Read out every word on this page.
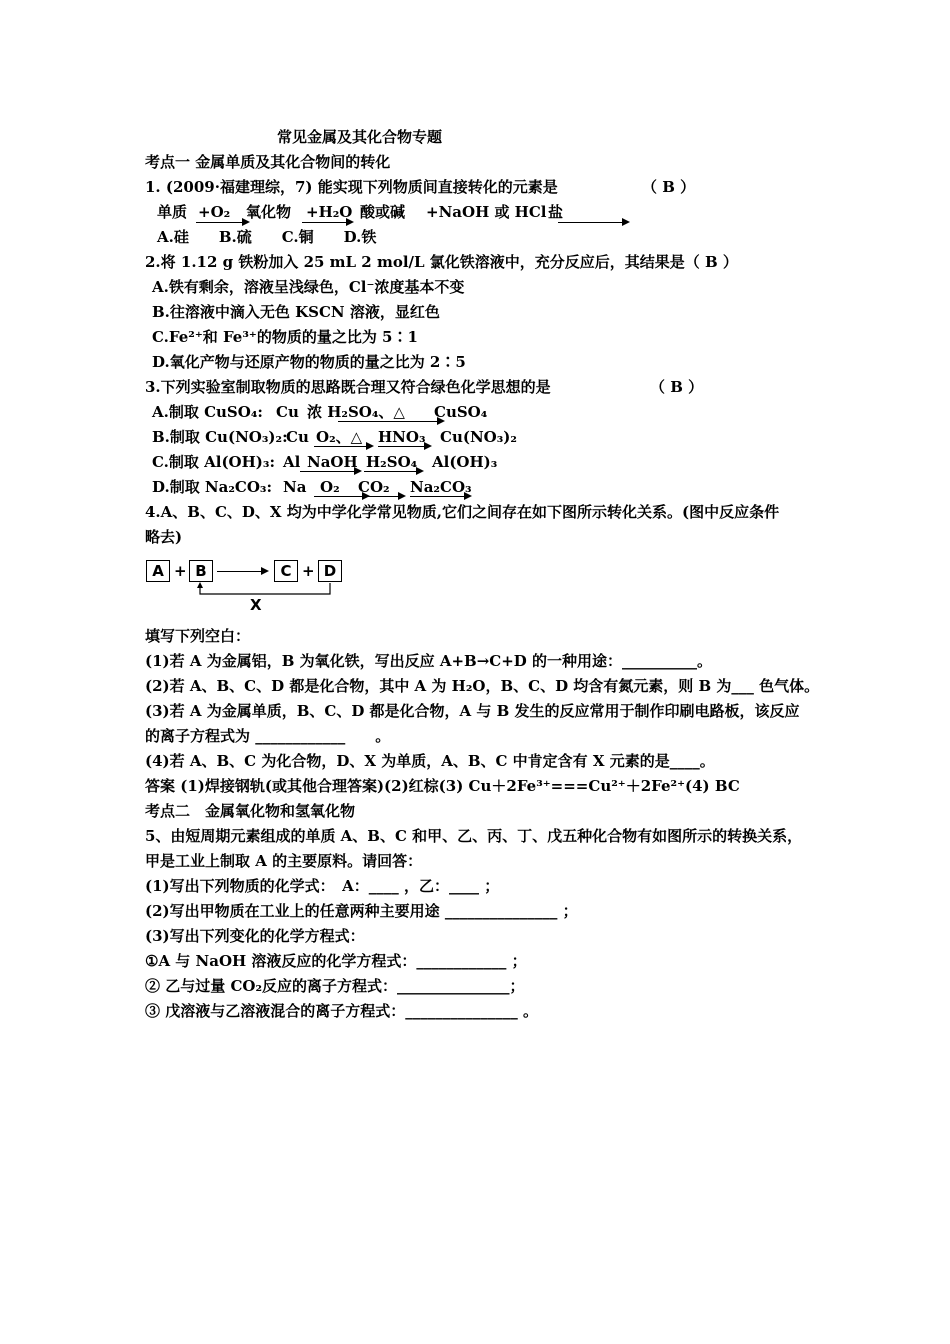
常见金属及其化合物专题
考点一 金属单质及其化合物间的转化
1. (2009·福建理综，7) 能实现下列物质间直接转化的元素是	（ B ）
单质 +O₂ 氧化物 +H₂O 酸或碱 +NaOH 或 HCl 盐
A.硅　　B.硫　　C.铜　　D.铁
2.将 1.12 g 铁粉加入 25 mL 2 mol/L 氯化铁溶液中，充分反应后，其结果是（ B ）
A.铁有剩余，溶液呈浅绿色，Cl⁻浓度基本不变
B.往溶液中滴入无色 KSCN 溶液，显红色
C.Fe²⁺和 Fe³⁺的物质的量之比为 5∶1
D.氧化产物与还原产物的物质的量之比为 2∶5
3.下列实验室制取物质的思路既合理又符合绿色化学思想的是	（ B ）
A.制取 CuSO₄: Cu 浓 H₂SO₄、△ CuSO₄
B.制取 Cu(NO₃)₂:
Cu O₂、△ HNO₃ Cu(NO₃)₂
C.制取 Al(OH)₃: Al NaOH H₂SO₄ Al(OH)₃
D.制取 Na₂CO₃: Na O₂ CO₂ Na₂CO₃
4.A、B、C、D、X 均为中学化学常见物质,它们之间存在如下图所示转化关系。(图中反应条件
略去)
A + B	C + D
X
填写下列空白：
(1)若 A 为金属铝，B 为氧化铁，写出反应 A+B→C+D 的一种用途：__________。
(2)若 A、B、C、D 都是化合物，其中 A 为 H₂O，B、C、D 均含有氮元素，则 B 为___ 色气体。
(3)若 A 为金属单质，B、C、D 都是化合物，A 与 B 发生的反应常用于制作印刷电路板，该反应
的离子方程式为 ____________　　。
(4)若 A、B、C 为化合物，D、X 为单质，A、B、C 中肯定含有 X 元素的是____。
答案 (1)焊接钢轨(或其他合理答案)(2)红棕(3) Cu＋2Fe³⁺===Cu²⁺＋2Fe²⁺(4) BC
考点二　金属氧化物和氢氧化物
5、由短周期元素组成的单质 A、B、C 和甲、乙、丙、丁、戊五种化合物有如图所示的转换关系，
甲是工业上制取 A 的主要原料。请回答：
(1)写出下列物质的化学式：　A：____ ，乙：____ ；
(2)写出甲物质在工业上的任意两种主要用途 _______________ ；
(3)写出下列变化的化学方程式：
①A 与 NaOH 溶液反应的化学方程式：____________ ；
② 乙与过量 CO₂反应的离子方程式：_______________；
③ 戊溶液与乙溶液混合的离子方程式：_______________ 。
